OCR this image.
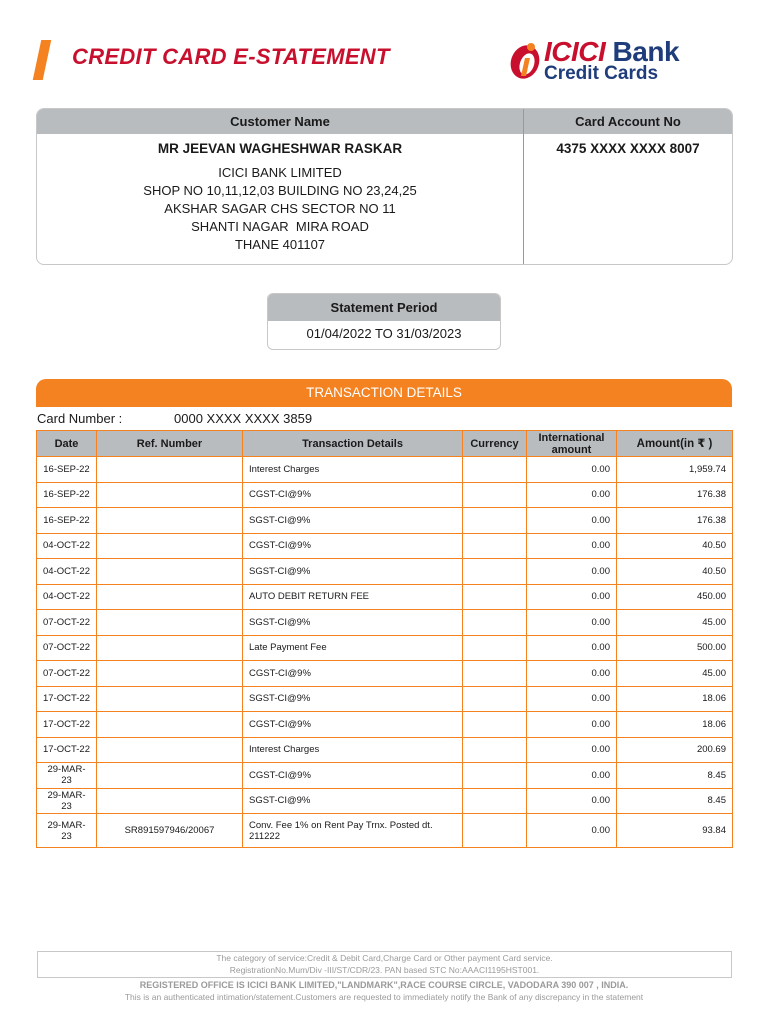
CREDIT CARD E-STATEMENT	ICICI Bank
Credit Cards
Customer Name	Card Account No
MR JEEVAN WAGHESHWAR RASKAR
ICICI BANK LIMITED
SHOP NO 10,11,12,03 BUILDING NO 23,24,25
AKSHAR SAGAR CHS SECTOR NO 11
SHANTI NAGAR  MIRA ROAD
THANE 401107
4375 XXXX XXXX 8007
Statement Period
01/04/2022 TO 31/03/2023
TRANSACTION DETAILS
Card Number :	0000 XXXX XXXX 3859
Date	Ref. Number	Transaction Details	Currency	International amount	Amount(in ₹ )
16-SEP-22		Interest Charges		0.00	1,959.74
16-SEP-22		CGST-CI@9%		0.00	176.38
16-SEP-22		SGST-CI@9%		0.00	176.38
04-OCT-22		CGST-CI@9%		0.00	40.50
04-OCT-22		SGST-CI@9%		0.00	40.50
04-OCT-22		AUTO DEBIT RETURN FEE		0.00	450.00
07-OCT-22		SGST-CI@9%		0.00	45.00
07-OCT-22		Late Payment Fee		0.00	500.00
07-OCT-22		CGST-CI@9%		0.00	45.00
17-OCT-22		SGST-CI@9%		0.00	18.06
17-OCT-22		CGST-CI@9%		0.00	18.06
17-OCT-22		Interest Charges		0.00	200.69
29-MAR-23		CGST-CI@9%		0.00	8.45
29-MAR-23		SGST-CI@9%		0.00	8.45
29-MAR-23	SR891597946/20067	Conv. Fee 1% on Rent Pay Trnx. Posted dt. 211222		0.00	93.84
The category of service:Credit & Debit Card,Charge Card or Other payment Card service.
RegistrationNo.Mum/Div -III/ST/CDR/23. PAN based STC No:AAACI1195HST001.
REGISTERED OFFICE IS ICICI BANK LIMITED,"LANDMARK",RACE COURSE CIRCLE, VADODARA 390 007 , INDIA.
This is an authenticated intimation/statement.Customers are requested to immediately notify the Bank of any discrepancy in the statement
